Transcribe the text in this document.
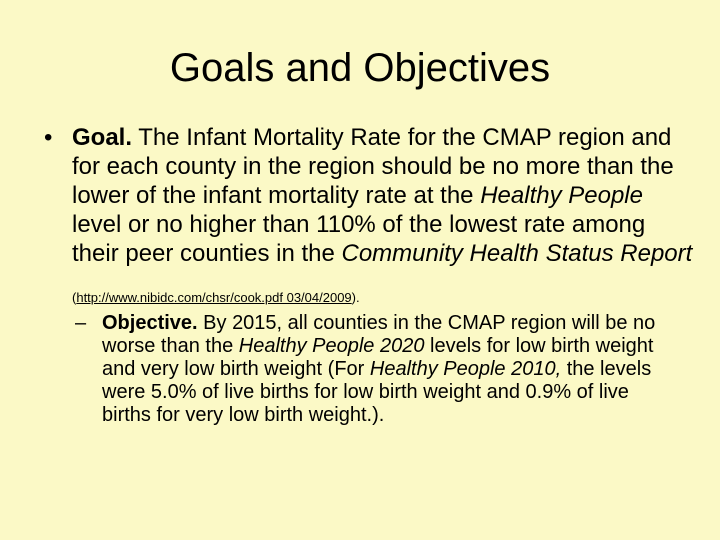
Goals and Objectives
• Goal. The Infant Mortality Rate for the CMAP region and for each county in the region should be no more than the lower of the infant mortality rate at the Healthy People level or no higher than 110% of the lowest rate among their peer counties in the Community Health Status Report
(http://www.nibidc.com/chsr/cook.pdf 03/04/2009).
– Objective. By 2015, all counties in the CMAP region will be no worse than the Healthy People 2020 levels for low birth weight and very low birth weight (For Healthy People 2010, the levels were 5.0% of live births for low birth weight and 0.9% of live births for very low birth weight.).
